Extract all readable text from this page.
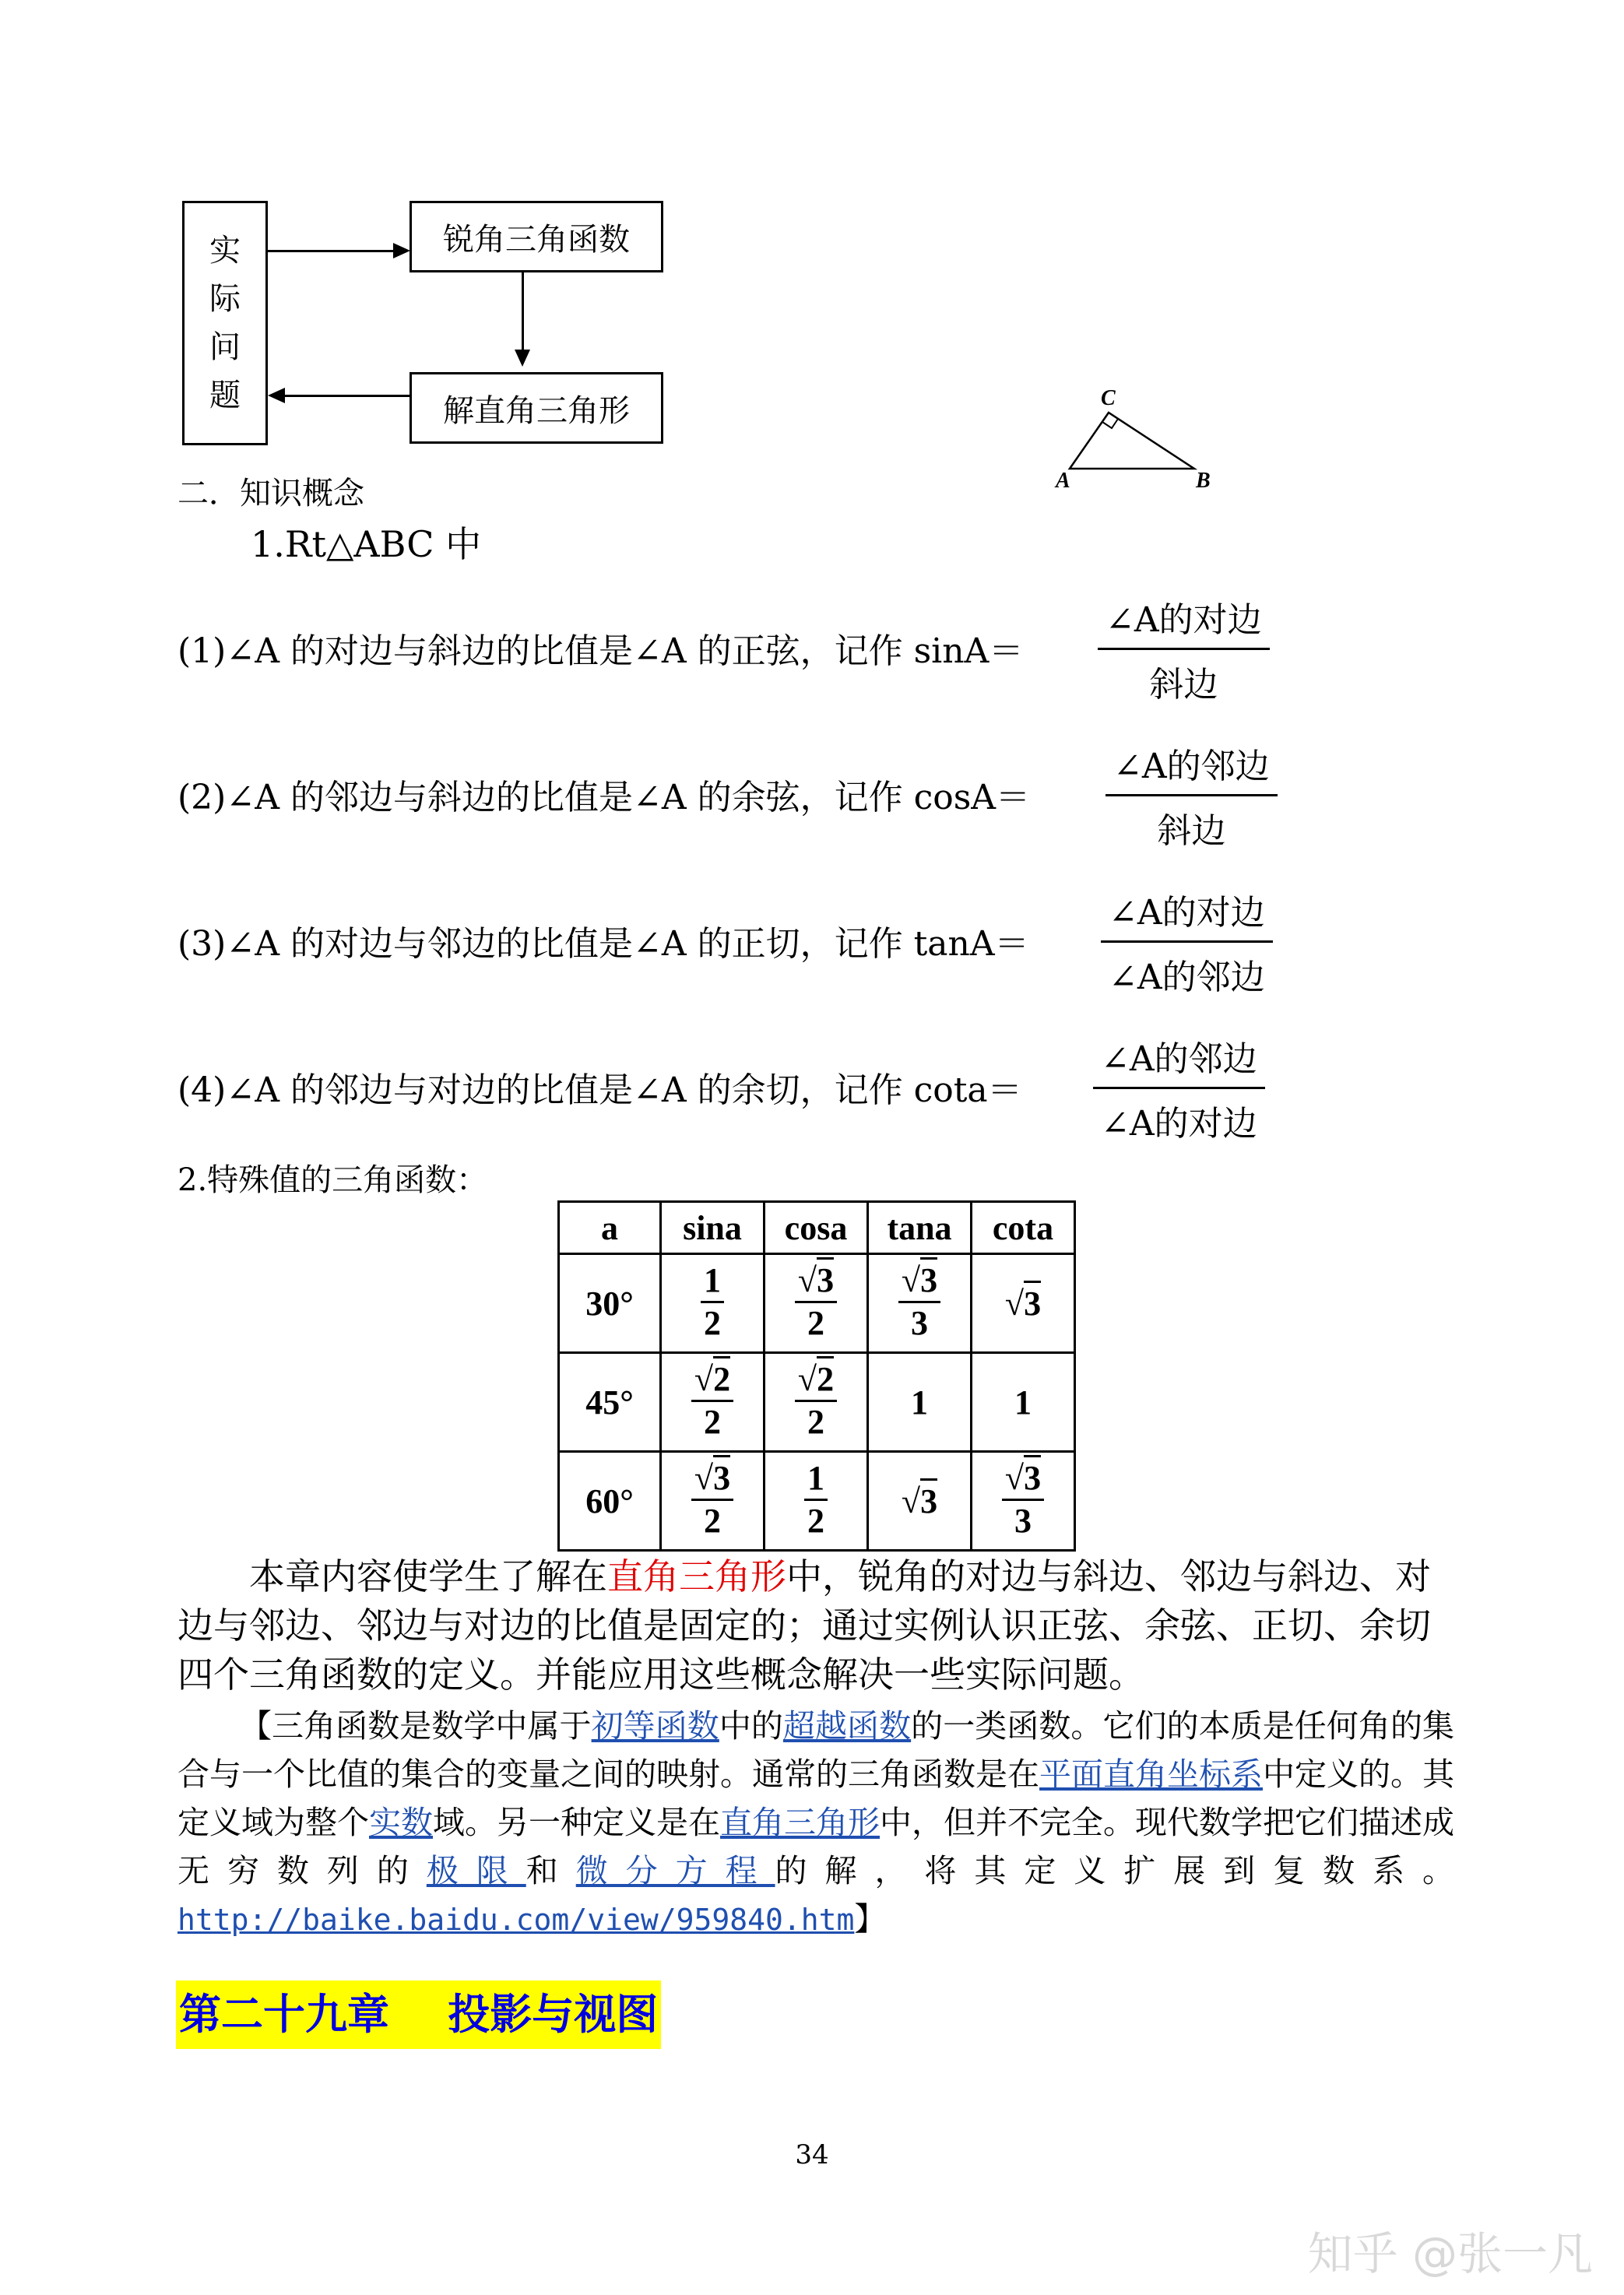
实
际
问
题
锐角三角函数
解直角三角形	C
A	B
二．知识概念
1.Rt△ABC 中
(1)∠A 的对边与斜边的比值是∠A 的正弦，记作 sinA＝
∠A的对边
斜边
(2)∠A 的邻边与斜边的比值是∠A 的余弦，记作 cosA＝
∠A的邻边
斜边
(3)∠A 的对边与邻边的比值是∠A 的正切，记作 tanA＝
∠A的对边
∠A的邻边
(4)∠A 的邻边与对边的比值是∠A 的余切，记作 cota＝
∠A的邻边
∠A的对边
2.特殊值的三角函数：
a	sina	cosa	tana	cota
30°	$\frac{1}{2}$	$\frac{√3}{2}$	$\frac{√3}{3}$	√3
45°	$\frac{√2}{2}$	$\frac{√2}{2}$	1	1
60°	$\frac{√3}{2}$	$\frac{1}{2}$	√3	$\frac{√3}{3}$
本章内容使学生了解在直角三角形中，锐角的对边与斜边、邻边与斜边、对边与邻边、邻边与对边的比值是固定的；通过实例认识正弦、余弦、正切、余切四个三角函数的定义。并能应用这些概念解决一些实际问题。
【三角函数是数学中属于初等函数中的超越函数的一类函数。它们的本质是任何角的集合与一个比值的集合的变量之间的映射。通常的三角函数是在平面直角坐标系中定义的。其定义域为整个实数域。另一种定义是在直角三角形中，但并不完全。现代数学把它们描述成无穷数列的极限和微分方程的解，将其定义扩展到复数系。http://baike.baidu.com/view/959840.htm】
第二十九章    投影与视图
34
知乎 @张一凡
